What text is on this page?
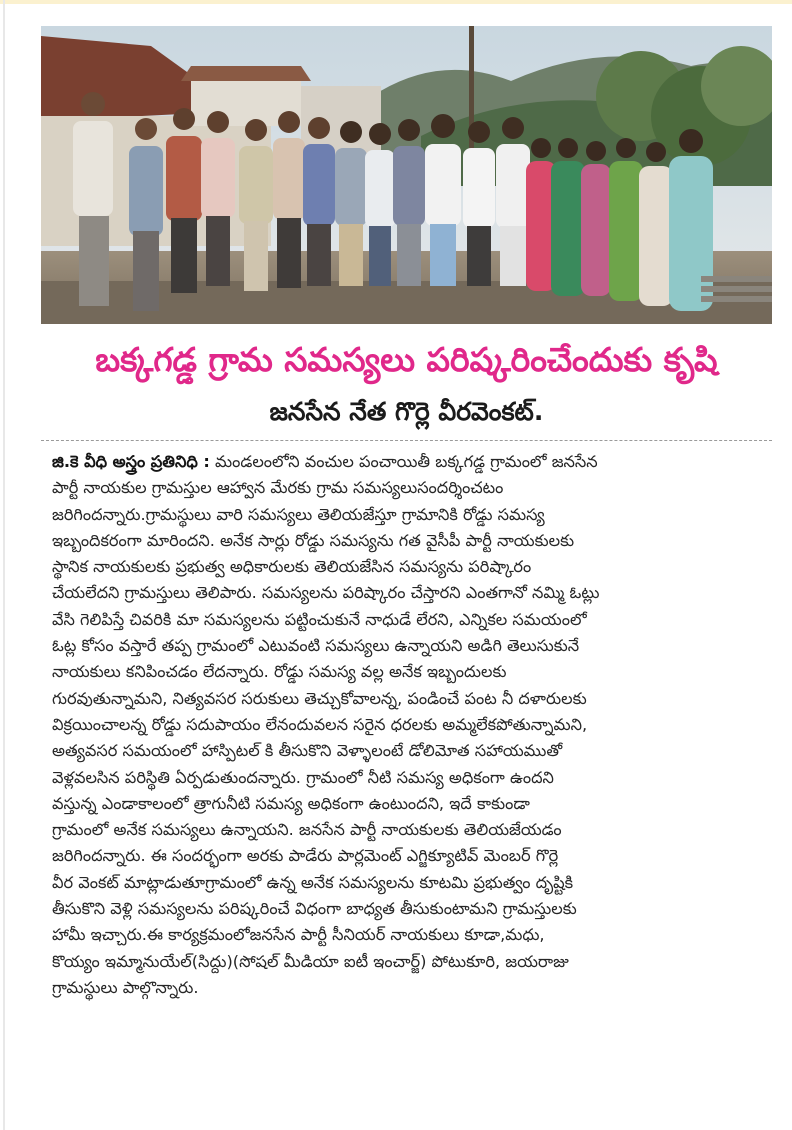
బక్కగడ్డ గ్రామ సమస్యలు పరిష్కరించేందుకు కృషి
జనసేన నేత గొర్లె వీరవెంకట్.
జి.కె వీధి అస్త్రం ప్రతినిధి : మండలంలోని వంచుల పంచాయితీ బక్కగడ్డ గ్రామంలో జనసేన
పార్టీ నాయకుల గ్రామస్తుల ఆహ్వాన మేరకు గ్రామ సమస్యలుసందర్శించటం
జరిగిందన్నారు.గ్రామస్థులు వారి సమస్యలు తెలియజేస్తూ గ్రామానికి రోడ్డు సమస్య
ఇబ్బందికరంగా మారిందని. అనేక సార్లు రోడ్డు సమస్యను గత వైసీపీ పార్టీ నాయకులకు
స్థానిక నాయకులకు ప్రభుత్వ అధికారులకు తెలియజేసిన సమస్యను పరిష్కారం
చేయలేదని గ్రామస్తులు తెలిపారు. సమస్యలను పరిష్కారం చేస్తారని ఎంతగానో నమ్మి ఓట్లు
వేసి గెలిపిస్తే చివరికి మా సమస్యలను పట్టించుకునే నాధుడే లేరని, ఎన్నికల సమయంలో
ఓట్ల కోసం వస్తారే తప్ప గ్రామంలో ఎటువంటి సమస్యలు ఉన్నాయని అడిగి తెలుసుకునే
నాయకులు కనిపించడం లేదన్నారు. రోడ్డు సమస్య వల్ల అనేక ఇబ్బందులకు
గురవుతున్నామని, నిత్యవసర సరుకులు తెచ్చుకోవాలన్న, పండించే పంట నీ దళారులకు
విక్రయించాలన్న రోడ్డు సదుపాయం లేనందువలన సరైన ధరలకు అమ్మలేకపోతున్నామని,
అత్యవసర సమయంలో హాస్పిటల్ కి తీసుకొని వెళ్ళాలంటే డోలిమోత సహాయముతో
వెళ్లవలసిన పరిస్థితి ఏర్పడుతుందన్నారు. గ్రామంలో నీటి సమస్య అధికంగా ఉందని
వస్తున్న ఎండాకాలంలో త్రాగునీటి సమస్య అధికంగా ఉంటుందని, ఇదే కాకుండా
గ్రామంలో అనేక సమస్యలు ఉన్నాయని. జనసేన పార్టీ నాయకులకు తెలియజేయడం
జరిగిందన్నారు. ఈ సందర్భంగా అరకు పాడేరు పార్లమెంట్ ఎగ్జిక్యూటివ్ మెంబర్ గొర్లె
వీర వెంకట్ మాట్లాడుతూగ్రామంలో ఉన్న అనేక సమస్యలను కూటమి ప్రభుత్వం దృష్టికి
తీసుకొని వెళ్లి సమస్యలను పరిష్కరించే విధంగా బాధ్యత తీసుకుంటామని గ్రామస్తులకు
హామీ ఇచ్చారు.ఈ కార్యక్రమంలోజనసేన పార్టీ సీనియర్ నాయకులు కూడా,మధు,
కొయ్యం ఇమ్మానుయేల్(సిద్దు)(సోషల్ మీడియా ఐటీ ఇంచార్జ్) పోటుకూరి, జయరాజు
గ్రామస్థులు పాల్గొన్నారు.
